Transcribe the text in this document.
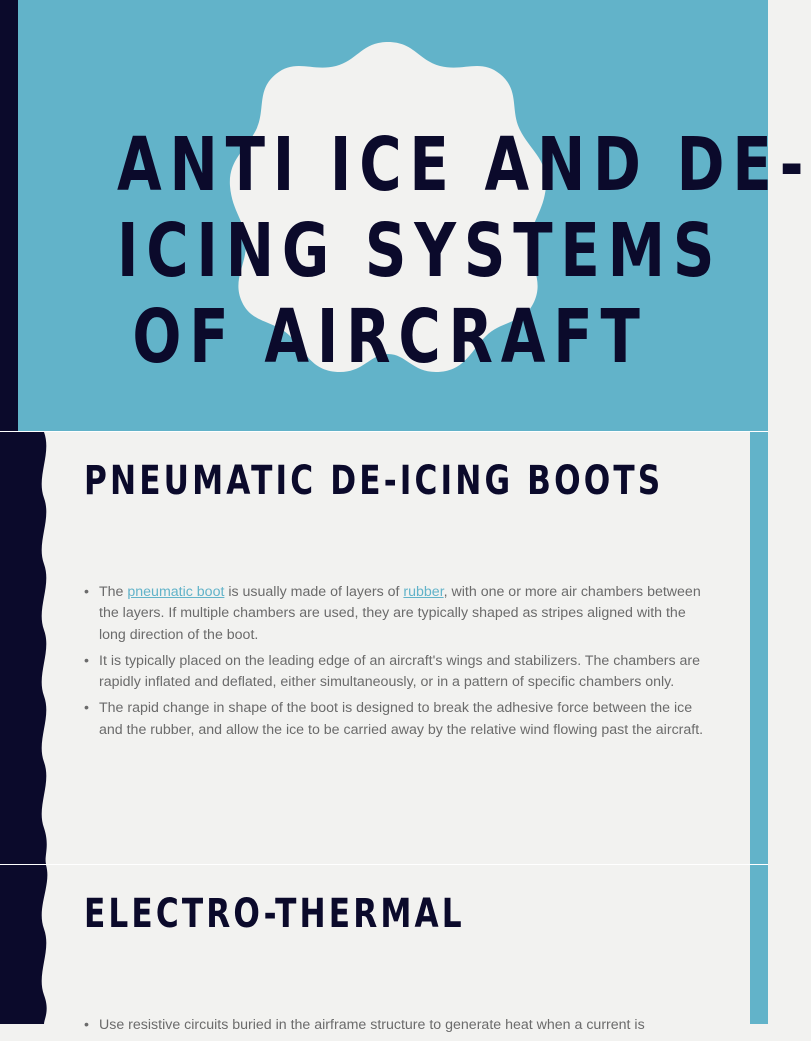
ANTI ICE AND DE-
ICING SYSTEMS
OF AIRCRAFT
PNEUMATIC DE-ICING BOOTS
• The pneumatic boot is usually made of layers of rubber, with one or more air chambers between the layers. If multiple chambers are used, they are typically shaped as stripes aligned with the long direction of the boot.
• It is typically placed on the leading edge of an aircraft's wings and stabilizers. The chambers are rapidly inflated and deflated, either simultaneously, or in a pattern of specific chambers only.
• The rapid change in shape of the boot is designed to break the adhesive force between the ice and the rubber, and allow the ice to be carried away by the relative wind flowing past the aircraft.
ELECTRO-THERMAL
• Use resistive circuits buried in the airframe structure to generate heat when a current is
